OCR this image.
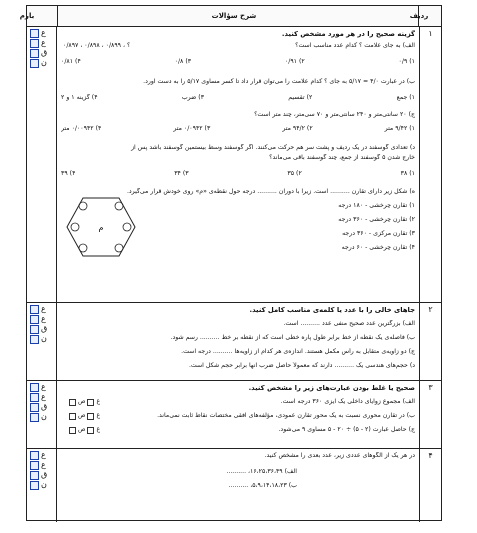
ردیف
شرح سؤالات
بارم
۱
ع
ع
ق
ن
گزینه صحیح را در هر مورد مشخص کنید.
الف) به جای علامت ؟ کدام عدد مناسب است؟
۰/۸۹۷ ، ۰/۸۹۸ ، ۰/۸۹۹ ، ؟
۱) ۰/۹
۲) ۰/۹۱
۳) ۰/۸
۴) ۰/۸۱
ب) در عبارت ۴/۰ = ۵/۱۷ به جای ؟ کدام علامت را می‌توان قرار داد تا کسر مساوی ۵/۱۷ را به دست آورد.
۱) جمع
۲) تقسیم
۳) ضرب
۴) گزینه ۱ و ۲
ج) ۲۰ سانتی‌متر و ۲۴۰ سانتی‌متر و ۷۰ سی‌متر، چند متر است؟
۱) ۹/۴۲ متر
۲) ۹۴/۲ متر
۳) ۰/۰۹۴۲ متر
۴) ۰/۰۰۹۴۲ متر
د) تعدادی گوسفند در یک ردیف و پشت سر هم حرکت می‌کنند. اگر گوسفند وسط بیستمین گوسفند باشد پس از
خارج شدن ۵ گوسفند از جمع، چند گوسفند باقی می‌ماند؟
۱) ۳۸
۲) ۳۵
۳) ۳۴
۴) ۳۹
ه) شکل زیر دارای تقارن .......... است. زیرا با دوران .......... درجه حول نقطه‌ی «م» روی خودش قرار می‌گیرد.
۱) تقارن چرخشی - ۱۸۰ درجه
۲) تقارن چرخشی - ۳۶۰ درجه
۳) تقارن مرکزی - ۳۶۰ درجه
۴) تقارن چرخشی - ۶۰ درجه
م
۲
ع
ع
ق
ن
جاهای خالی را با عدد یا کلمه‌ی مناسب کامل کنید.
الف) بزرگترین عدد صحیح منفی عدد .......... است.
ب) فاصله‌ی یک نقطه از خط برابر طول پاره خطی است که از نقطه بر خط .......... رسم شود.
ج) دو زاویه‌ی متقابل به رأس مکمل هستند. اندازه‌ی هر کدام از زاویه‌ها .......... درجه است.
د) حجم‌های هندسی یک .......... دارند که معمولاً حاصل ضرب آنها برابر حجم شکل است.
۳
ع
ع
ق
ن
صحیح یا غلط بودن عبارت‌های زیر را مشخص کنید.
الف) مجموع زوایای داخلی یک ایزی ۳۶۰ درجه است.
ب) در تقارن محوری نسبت به یک محور تقارن عمودی، مؤلفه‌های افقی مختصات نقاط ثابت نمی‌ماند.
ج) حاصل عبارت (۲ - ۵) ÷ ۲۰ - ۵ مساوی ۹ می‌شود.
غ

ص
غ

ص
غ

ص
۴
ع
ع
ق
ن
در هر یک از الگوهای عددی زیر، عدد بعدی را مشخص کنید.
الف) ۱۶،۲۵،۳۶،۴۹، ..........
ب) ۵،۹،۱۴،۱۸،۲۳، ..........
